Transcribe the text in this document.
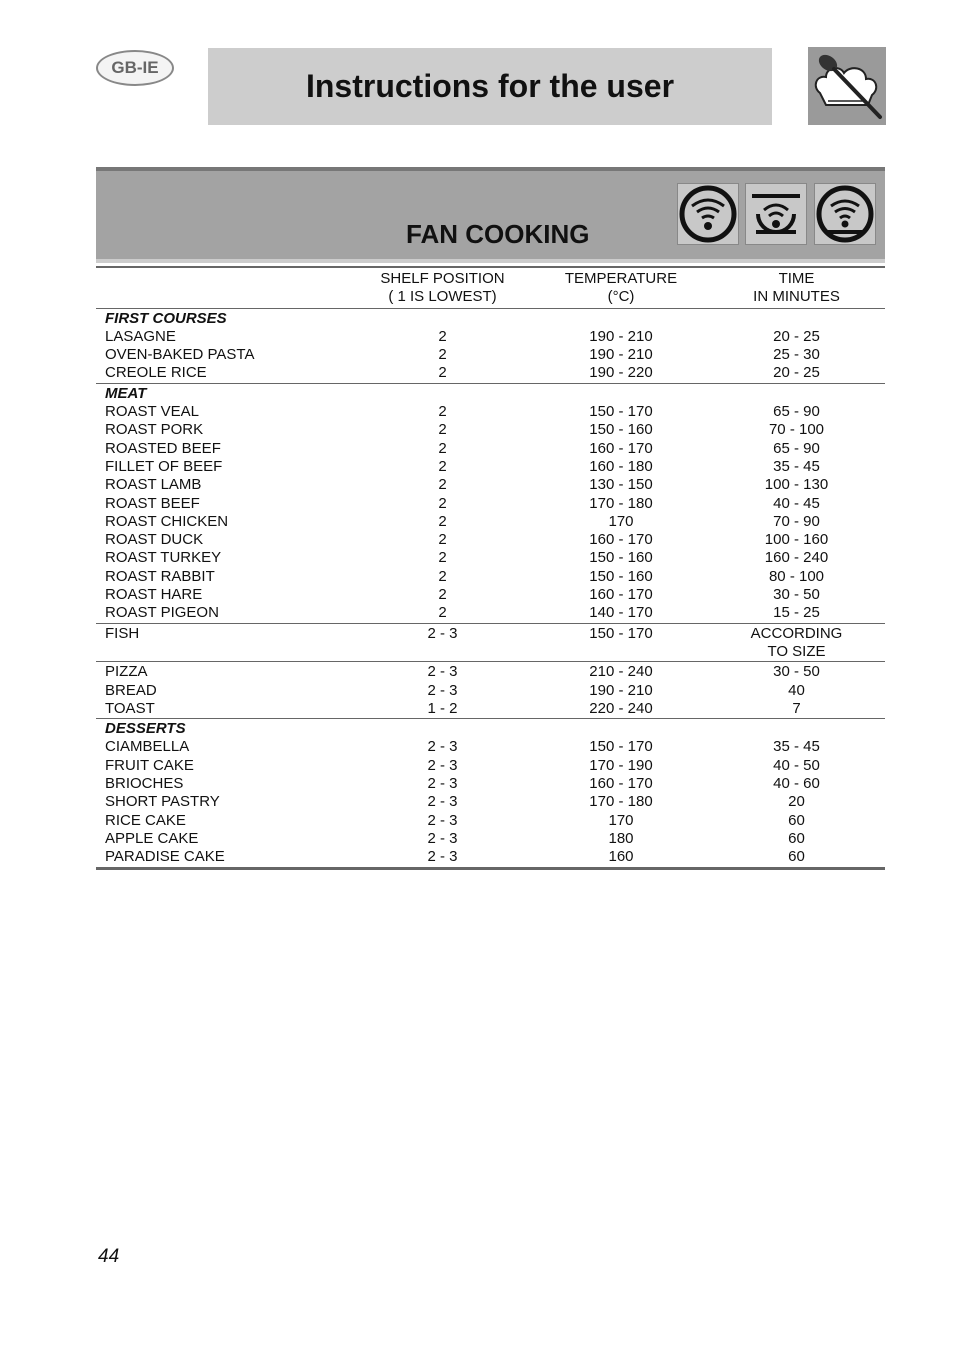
GB-IE
Instructions for the user
FAN COOKING
SHELF POSITION	TEMPERATURE	TIME
( 1 IS LOWEST)	(°C)	IN MINUTES
FIRST COURSES
LASAGNE	2	190 - 210	20 - 25
OVEN-BAKED PASTA	2	190 - 210	25 - 30
CREOLE RICE	2	190 - 220	20 - 25
MEAT
ROAST VEAL	2	150 - 170	65 - 90
ROAST PORK	2	150 - 160	70 - 100
ROASTED BEEF	2	160 - 170	65 - 90
FILLET OF BEEF	2	160 - 180	35 - 45
ROAST LAMB	2	130 - 150	100 - 130
ROAST BEEF	2	170 - 180	40 - 45
ROAST CHICKEN	2	170	70 - 90
ROAST DUCK	2	160 - 170	100 - 160
ROAST TURKEY	2	150 - 160	160 - 240
ROAST RABBIT	2	150 - 160	80 - 100
ROAST HARE	2	160 - 170	30 - 50
ROAST PIGEON	2	140 - 170	15 - 25
FISH	2 - 3	150 - 170	ACCORDING
TO SIZE
PIZZA	2 - 3	210 - 240	30 - 50
BREAD	2 - 3	190 - 210	40
TOAST	1 - 2	220 - 240	7
DESSERTS
CIAMBELLA	2 - 3	150 - 170	35 - 45
FRUIT CAKE	2 - 3	170 - 190	40 - 50
BRIOCHES	2 - 3	160 - 170	40 - 60
SHORT PASTRY	2 - 3	170 - 180	20
RICE CAKE	2 - 3	170	60
APPLE CAKE	2 - 3	180	60
PARADISE CAKE	2 - 3	160	60
44
